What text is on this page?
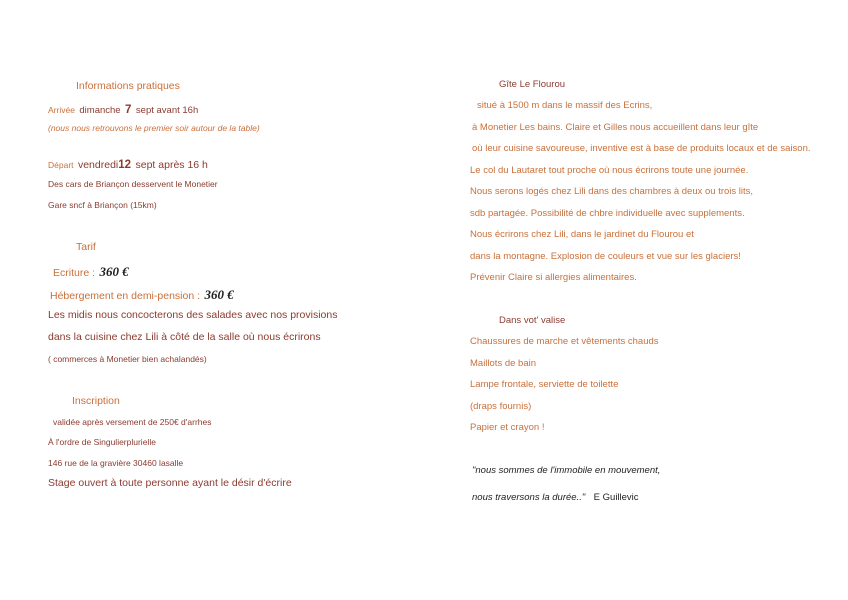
Informations pratiques
Arrivée dimanche 7 sept avant 16h
(nous nous retrouvons le premier soir autour de la table)
Départ vendredi12 sept après 16 h
Des cars de Briançon desservent le Monetier
Gare sncf à Briançon (15km)
Tarif
Ecriture : 360 €
Hébergement en demi-pension : 360 €
Les midis nous concocterons des salades avec nos provisions
dans la cuisine chez Lili à côté de la salle où nous écrirons
( commerces à Monetier bien achalandés)
Inscription
validée après versement de 250€ d'arrhes
À l'ordre de Singulierplurielle
146 rue de la gravière 30460 lasalle
Stage ouvert à toute personne ayant le désir d'écrire
Gîte Le Flourou
situé à 1500 m dans le massif des Ecrins,
à Monetier Les bains. Claire et Gilles nous accueillent dans leur gîte
où leur cuisine savoureuse, inventive est à base de produits locaux et de saison.
Le col du Lautaret tout proche où nous écrirons toute une journée.
Nous serons logés chez Lili dans des chambres à deux ou trois lits,
sdb partagée. Possibilité de chbre individuelle avec supplements.
Nous écrirons chez Lili, dans le jardinet du Flourou et
dans la montagne. Explosion de couleurs et vue sur les glaciers!
Prévenir Claire si allergies alimentaires.
Dans vot' valise
Chaussures de marche et vêtements chauds
Maillots de bain
Lampe frontale, serviette de toilette
(draps fournis)
Papier et crayon !
"nous sommes de l'immobile en mouvement,
nous traversons la durée.." E Guillevic
